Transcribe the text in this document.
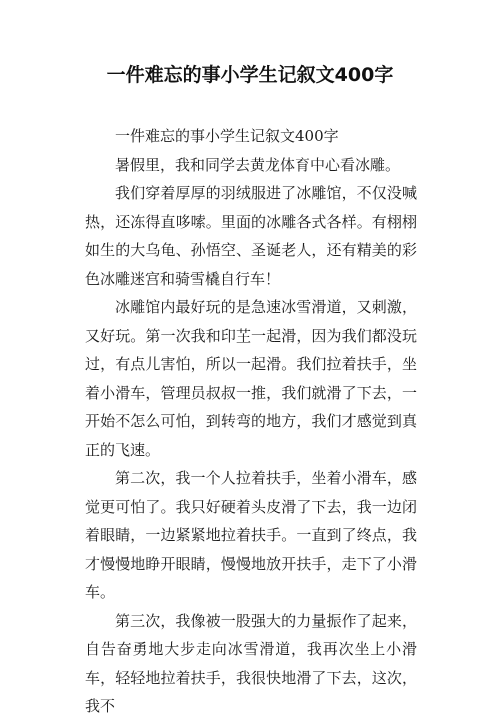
一件难忘的事小学生记叙文400字

一件难忘的事小学生记叙文400字

暑假里，我和同学去黄龙体育中心看冰雕。

我们穿着厚厚的羽绒服进了冰雕馆，不仅没喊热，还冻得直哆嗦。里面的冰雕各式各样。有栩栩如生的大乌龟、孙悟空、圣诞老人，还有精美的彩色冰雕迷宫和骑雪橇自行车！

冰雕馆内最好玩的是急速冰雪滑道，又刺激，又好玩。第一次我和印芏一起滑，因为我们都没玩过，有点儿害怕，所以一起滑。我们拉着扶手，坐着小滑车，管理员叔叔一推，我们就滑了下去，一开始不怎么可怕，到转弯的地方，我们才感觉到真正的飞速。

第二次，我一个人拉着扶手，坐着小滑车，感觉更可怕了。我只好硬着头皮滑了下去，我一边闭着眼睛，一边紧紧地拉着扶手。一直到了终点，我才慢慢地睁开眼睛，慢慢地放开扶手，走下了小滑车。

第三次，我像被一股强大的力量振作了起来，自告奋勇地大步走向冰雪滑道，我再次坐上小滑车，轻轻地拉着扶手，我很快地滑了下去，这次，我不
